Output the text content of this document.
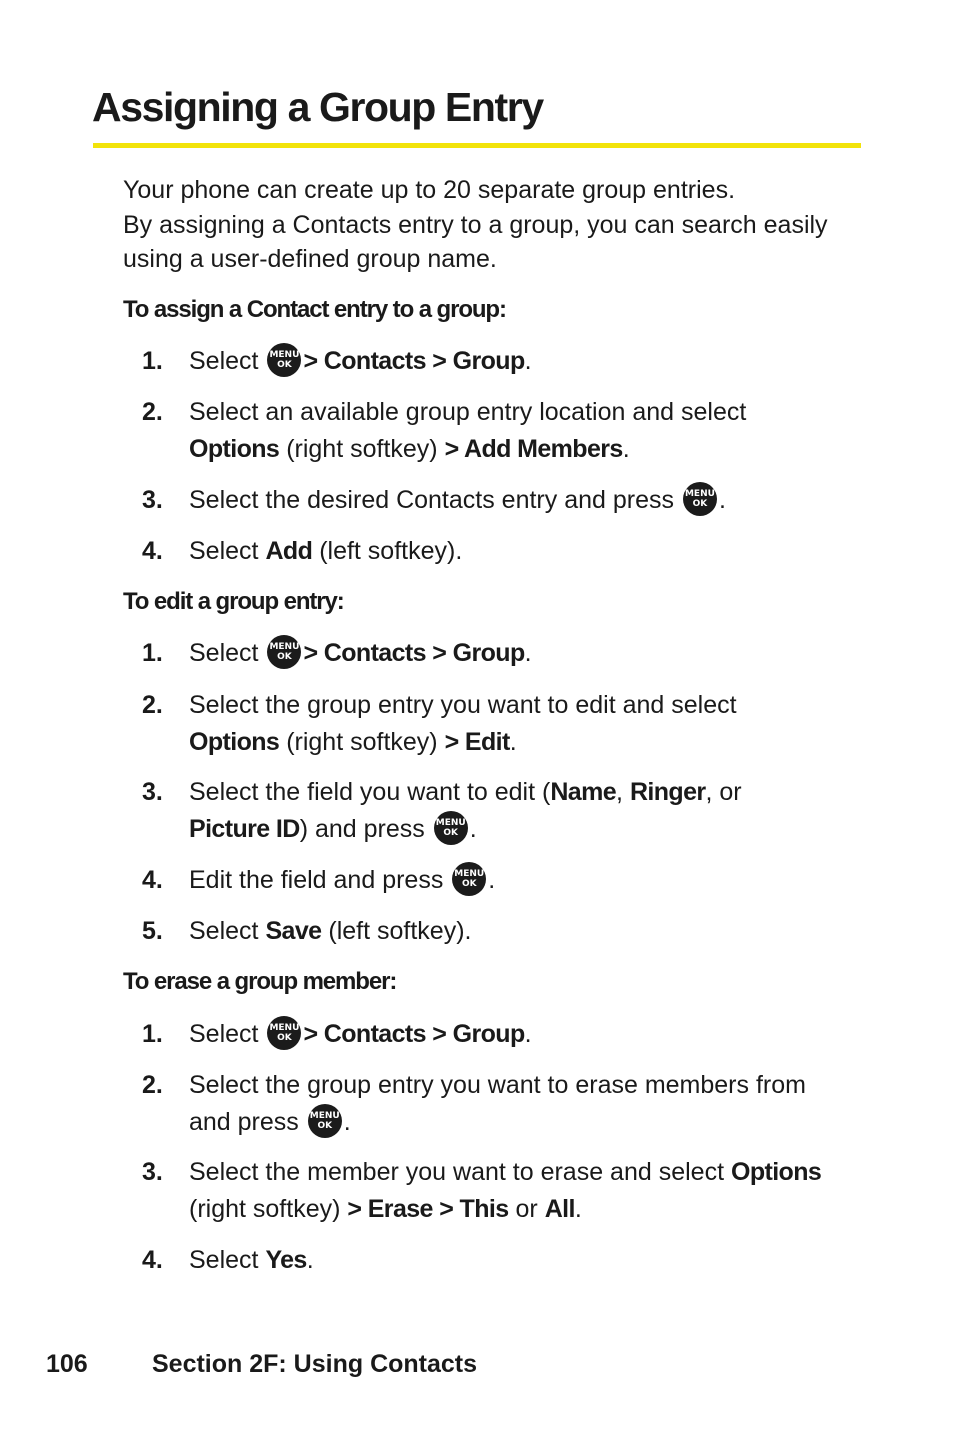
Assigning a Group Entry

Your phone can create up to 20 separate group entries.
By assigning a Contacts entry to a group, you can search easily
using a user-defined group name.

To assign a Contact entry to a group:

1. Select MENU
OK > Contacts > Group.
2. Select an available group entry location and select
Options (right softkey) > Add Members.
3. Select the desired Contacts entry and press MENU
OK .
4. Select Add (left softkey).

To edit a group entry:

1. Select MENU
OK > Contacts > Group.
2. Select the group entry you want to edit and select
Options (right softkey) > Edit.
3. Select the field you want to edit (Name, Ringer, or
Picture ID) and press MENU
OK .
4. Edit the field and press MENU
OK .
5. Select Save (left softkey).

To erase a group member:

1. Select MENU
OK > Contacts > Group.
2. Select the group entry you want to erase members from
and press MENU
OK .
3. Select the member you want to erase and select Options
(right softkey) > Erase > This or All.
4. Select Yes.
106	Section 2F: Using Contacts
